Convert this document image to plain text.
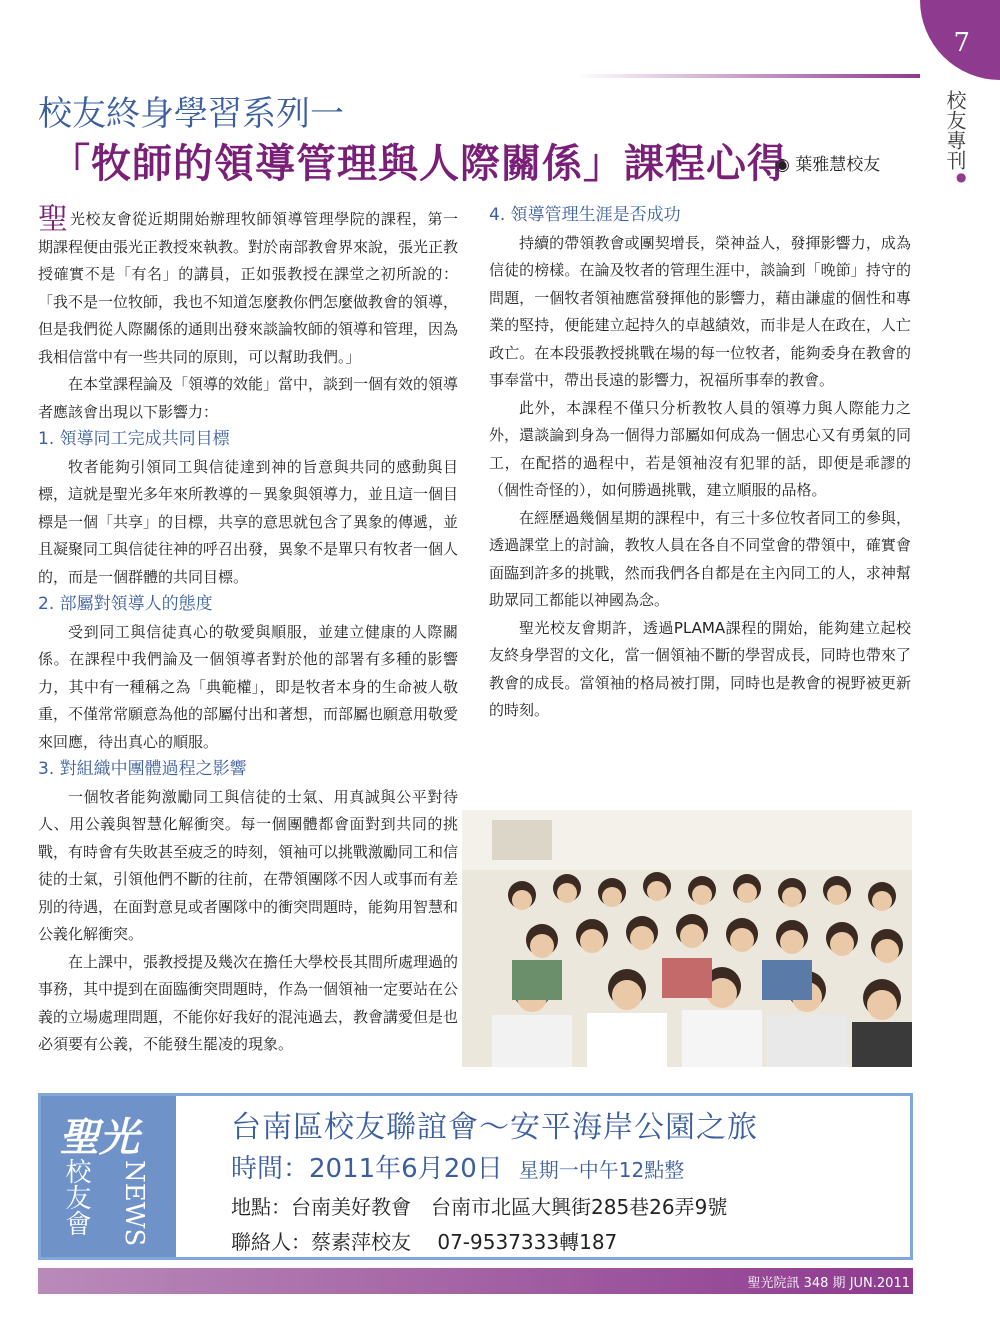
7
校友專刊
●
校友終身學習系列一
「牧師的領導管理與人際關係」課程心得
◉ 葉雅慧校友

聖光校友會從近期開始辦理牧師領導管理學院的課程，第一期課程便由張光正教授來執教。對於南部教會界來說，張光正教授確實不是「有名」的講員，正如張教授在課堂之初所說的：「我不是一位牧師，我也不知道怎麼教你們怎麼做教會的領導，但是我們從人際關係的通則出發來談論牧師的領導和管理，因為我相信當中有一些共同的原則，可以幫助我們。」

在本堂課程論及「領導的效能」當中，談到一個有效的領導者應該會出現以下影響力：

1. 領導同工完成共同目標

牧者能夠引領同工與信徒達到神的旨意與共同的感動與目標，這就是聖光多年來所教導的－異象與領導力，並且這一個目標是一個「共享」的目標，共享的意思就包含了異象的傳遞，並且凝聚同工與信徒往神的呼召出發，異象不是單只有牧者一個人的，而是一個群體的共同目標。

2. 部屬對領導人的態度

受到同工與信徒真心的敬愛與順服，並建立健康的人際關係。在課程中我們論及一個領導者對於他的部署有多種的影響力，其中有一種稱之為「典範權」，即是牧者本身的生命被人敬重，不僅常常願意為他的部屬付出和著想，而部屬也願意用敬愛來回應，待出真心的順服。

3. 對組織中團體過程之影響

一個牧者能夠激勵同工與信徒的士氣、用真誠與公平對待人、用公義與智慧化解衝突。每一個團體都會面對到共同的挑戰，有時會有失敗甚至疲乏的時刻，領袖可以挑戰激勵同工和信徒的士氣，引領他們不斷的往前，在帶領團隊不因人或事而有差別的待遇，在面對意見或者團隊中的衝突問題時，能夠用智慧和公義化解衝突。

在上課中，張教授提及幾次在擔任大學校長其間所處理過的事務，其中提到在面臨衝突問題時，作為一個領袖一定要站在公義的立場處理問題，不能你好我好的混沌過去，教會講愛但是也必須要有公義，不能發生罷凌的現象。

4. 領導管理生涯是否成功

持續的帶領教會或團契增長，榮神益人，發揮影響力，成為信徒的榜樣。在論及牧者的管理生涯中，談論到「晚節」持守的問題，一個牧者領袖應當發揮他的影響力，藉由謙虛的個性和專業的堅持，便能建立起持久的卓越績效，而非是人在政在，人亡政亡。在本段張教授挑戰在場的每一位牧者，能夠委身在教會的事奉當中，帶出長遠的影響力，祝福所事奉的教會。

此外，本課程不僅只分析教牧人員的領導力與人際能力之外，還談論到身為一個得力部屬如何成為一個忠心又有勇氣的同工，在配搭的過程中，若是領袖沒有犯罪的話，即便是乖謬的（個性奇怪的），如何勝過挑戰，建立順服的品格。

在經歷過幾個星期的課程中，有三十多位牧者同工的參與，透過課堂上的討論，教牧人員在各自不同堂會的帶領中，確實會面臨到許多的挑戰，然而我們各自都是在主內同工的人，求神幫助眾同工都能以神國為念。

聖光校友會期許，透過PLAMA課程的開始，能夠建立起校友終身學習的文化，當一個領袖不斷的學習成長，同時也帶來了教會的成長。當領袖的格局被打開，同時也是教會的視野被更新的時刻。

聖光
校友會 NEWS
台南區校友聯誼會～安平海岸公園之旅
時間：2011年6月20日 星期一中午12點整
地點：台南美好教會　台南市北區大興街285巷26弄9號
聯絡人：蔡素萍校友　 07-9537333轉187
聖光院訊 348 期 JUN.2011
